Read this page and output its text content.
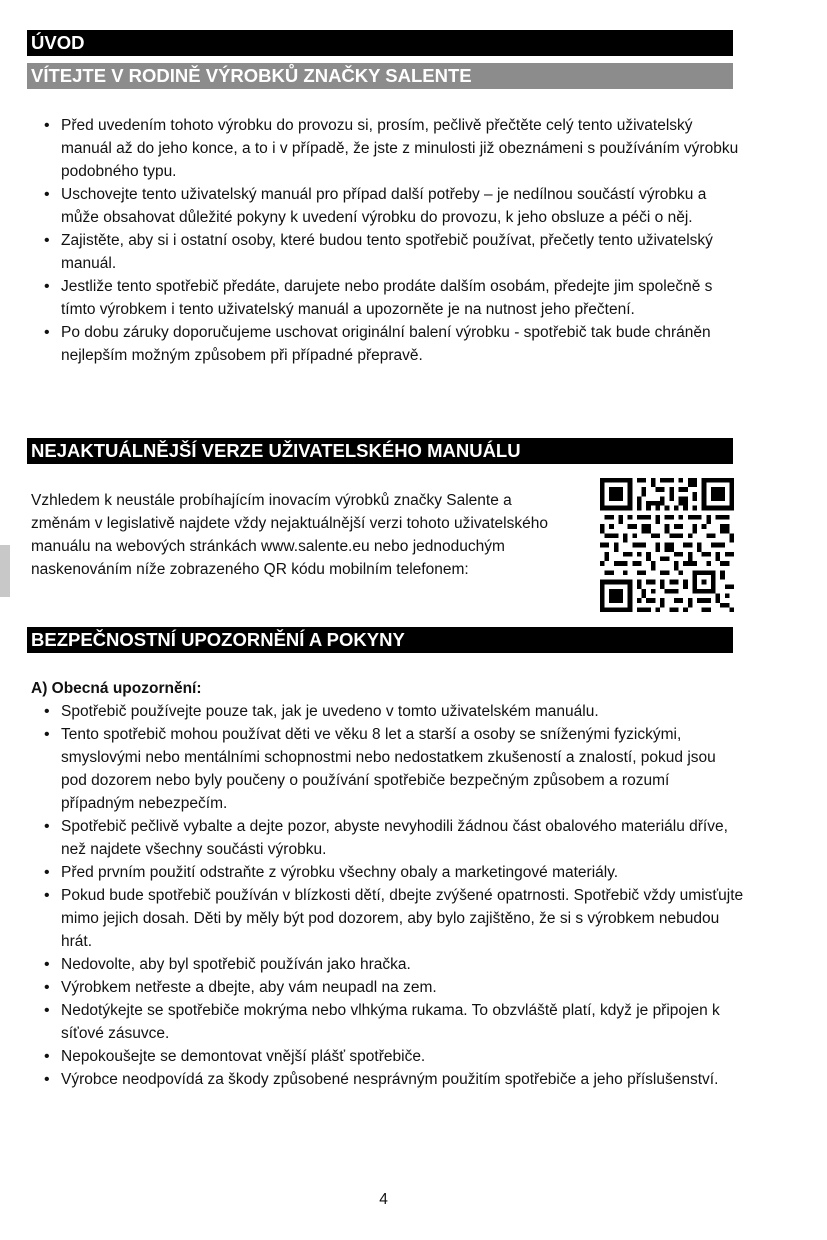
ÚVOD
VÍTEJTE V RODINĚ VÝROBKŮ ZNAČKY SALENTE
• Před uvedením tohoto výrobku do provozu si, prosím, pečlivě přečtěte celý tento uživatelský manuál až do jeho konce, a to i v případě, že jste z minulosti již obeznámeni s používáním výrobku podobného typu.
• Uschovejte tento uživatelský manuál pro případ další potřeby – je nedílnou součástí výrobku a může obsahovat důležité pokyny k uvedení výrobku do provozu, k jeho obsluze a péči o něj.
• Zajistěte, aby si i ostatní osoby, které budou tento spotřebič používat, přečetly tento uživatelský manuál.
• Jestliže tento spotřebič předáte, darujete nebo prodáte dalším osobám, předejte jim společně s tímto výrobkem i tento uživatelský manuál a upozorněte je na nutnost jeho přečtení.
• Po dobu záruky doporučujeme uschovat originální balení výrobku - spotřebič tak bude chráněn nejlepším možným způsobem při případné přepravě.
NEJAKTUÁLNĚJŠÍ VERZE UŽIVATELSKÉHO MANUÁLU
Vzhledem k neustále probíhajícím inovacím výrobků značky Salente a změnám v legislativě najdete vždy nejaktuálnější verzi tohoto uživatelského manuálu na webových stránkách www.salente.eu nebo jednoduchým naskenováním níže zobrazeného QR kódu mobilním telefonem:
BEZPEČNOSTNÍ UPOZORNĚNÍ A POKYNY
A) Obecná upozornění:
• Spotřebič používejte pouze tak, jak je uvedeno v tomto uživatelském manuálu.
• Tento spotřebič mohou používat děti ve věku 8 let a starší a osoby se sníženými fyzickými, smyslovými nebo mentálními schopnostmi nebo nedostatkem zkušeností a znalostí, pokud jsou pod dozorem nebo byly poučeny o používání spotřebiče bezpečným způsobem a rozumí případným nebezpečím.
• Spotřebič pečlivě vybalte a dejte pozor, abyste nevyhodili žádnou část obalového materiálu dříve, než najdete všechny součásti výrobku.
• Před prvním použití odstraňte z výrobku všechny obaly a marketingové materiály.
• Pokud bude spotřebič používán v blízkosti dětí, dbejte zvýšené opatrnosti. Spotřebič vždy umisťujte mimo jejich dosah. Děti by měly být pod dozorem, aby bylo zajištěno, že si s výrobkem nebudou hrát.
• Nedovolte, aby byl spotřebič používán jako hračka.
• Výrobkem netřeste a dbejte, aby vám neupadl na zem.
• Nedotýkejte se spotřebiče mokrýma nebo vlhkýma rukama. To obzvláště platí, když je připojen k síťové zásuvce.
• Nepokoušejte se demontovat vnější plášť spotřebiče.
• Výrobce neodpovídá za škody způsobené nesprávným použitím spotřebiče a jeho příslušenství.
4
